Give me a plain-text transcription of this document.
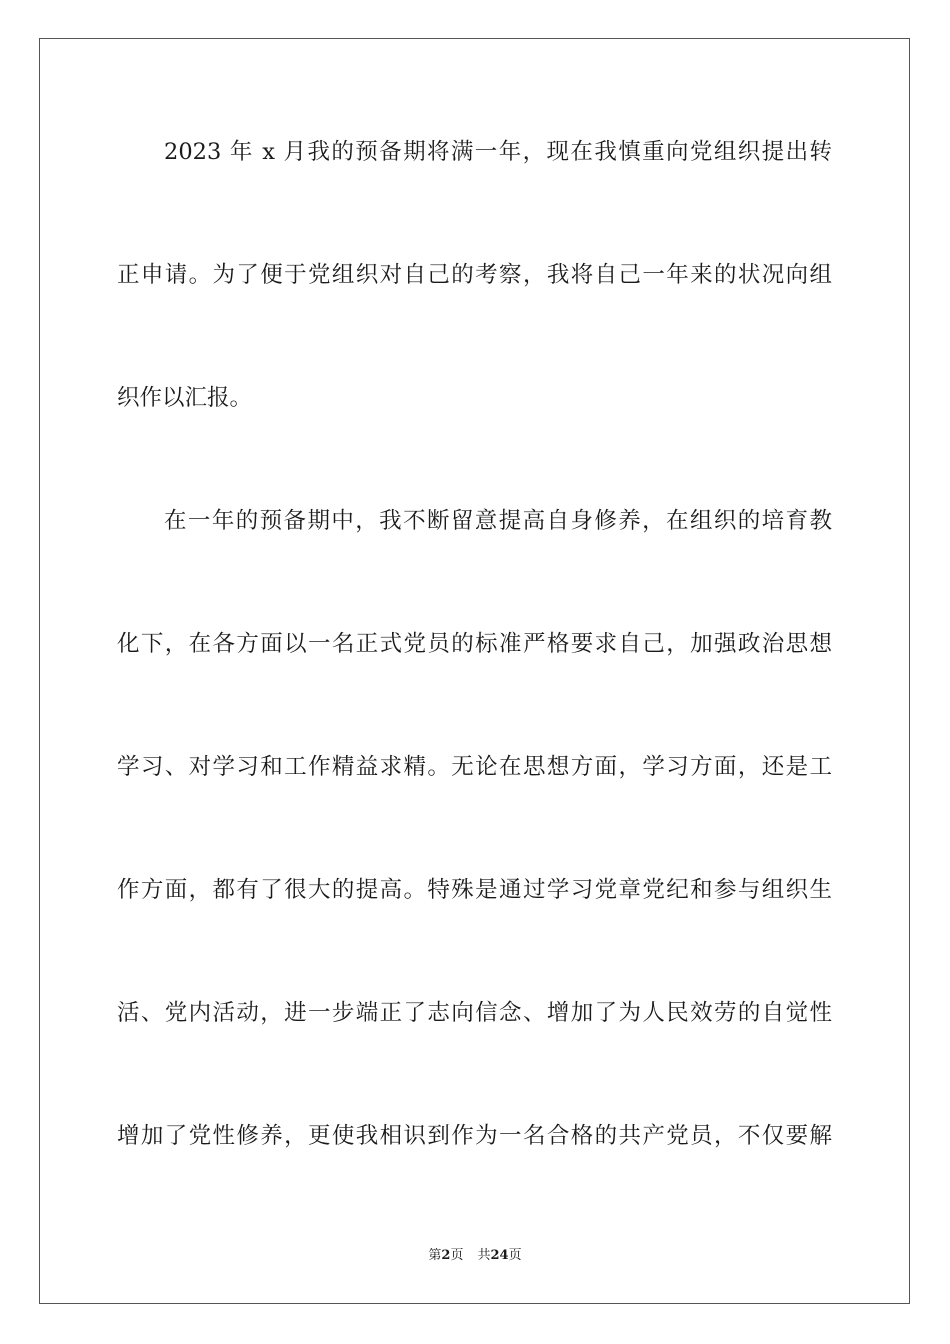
2023 年 x 月我的预备期将满一年，现在我慎重向党组织提出转
正申请。为了便于党组织对自己的考察，我将自己一年来的状况向组
织作以汇报。
在一年的预备期中，我不断留意提高自身修养，在组织的培育教
化下，在各方面以一名正式党员的标准严格要求自己，加强政治思想
学习、对学习和工作精益求精。无论在思想方面，学习方面，还是工
作方面，都有了很大的提高。特殊是通过学习党章党纪和参与组织生
活、党内活动，进一步端正了志向信念、增加了为人民效劳的自觉性
增加了党性修养，更使我相识到作为一名合格的共产党员，不仅要解
第2页 共24页
